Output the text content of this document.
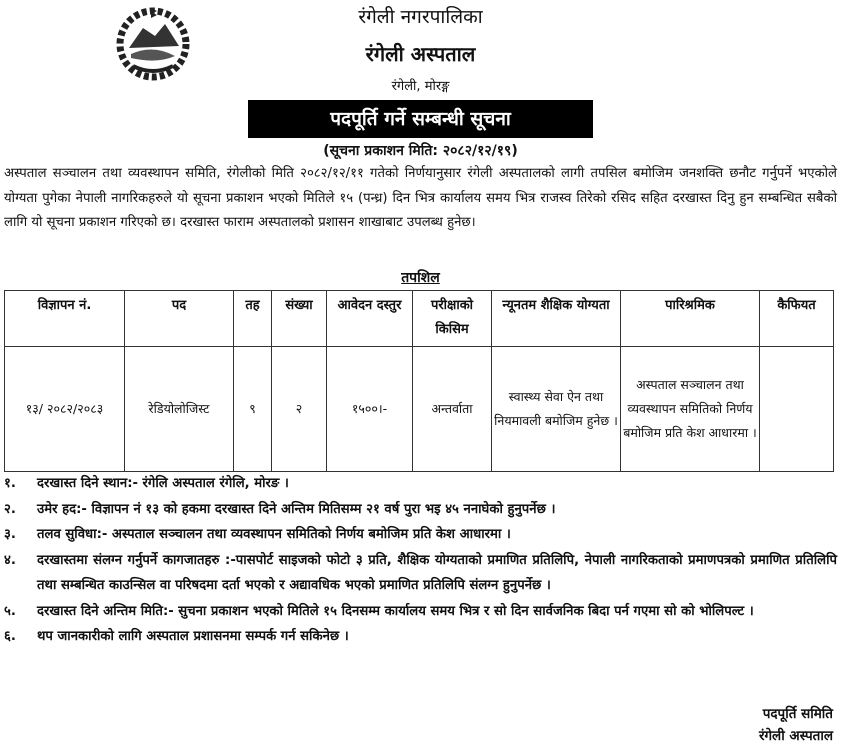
रंगेली नगरपालिका
रंगेली अस्पताल
रंगेली, मोरङ्ग
पदपूर्ति गर्ने सम्बन्धी सूचना
(सूचना प्रकाशन मिति: २०८२/१२/१९)
अस्पताल सञ्चालन तथा व्यवस्थापन समिति, रंगेलीको मिति २०८२/१२/११ गतेको निर्णयानुसार रंगेली अस्पतालको लागी तपसिल बमोजिम जनशक्ति छनौट गर्नुपर्ने भएकोले योग्यता पुगेका नेपाली नागरिकहरुले यो सूचना प्रकाशन भएको मितिले १५ (पन्ध्र) दिन भित्र कार्यालय समय भित्र राजस्व तिरेको रसिद सहित दरखास्त दिनु हुन सम्बन्धित सबैको लागि यो सूचना प्रकाशन गरिएको छ। दरखास्त फाराम अस्पतालको प्रशासन शाखाबाट उपलब्ध हुनेछ।
तपशिल
विज्ञापन नं.	पद	तह	संख्या	आवेदन दस्तुर	परीक्षाको किसिम	न्यूनतम शैक्षिक योग्यता	पारिश्रमिक	कैफियत
१३/ २०८२/२०८३	रेडियोलोजिस्ट	९	२	१५००।-	अन्तर्वाता	स्वास्थ्य सेवा ऐन तथा नियमावली बमोजिम हुनेछ ।	अस्पताल सञ्चालन तथा व्यवस्थापन समितिको निर्णय बमोजिम प्रति केश आधारमा ।	
१.	दरखास्त दिने स्थान:- रंगेलि अस्पताल रंगेलि, मोरङ ।
२.	उमेर हद:- विज्ञापन नं १३ को हकमा दरखास्त दिने अन्तिम मितिसम्म २१ वर्ष पुरा भइ ४५ ननाघेको हुनुपर्नेछ ।
३.	तलव सुविधा:- अस्पताल सञ्चालन तथा व्यवस्थापन समितिको निर्णय बमोजिम प्रति केश आधारमा ।
४.	दरखास्तमा संलग्न गर्नुपर्ने कागजातहरु :-पासपोर्ट साइजको फोटो ३ प्रति, शैक्षिक योग्यताको प्रमाणित प्रतिलिपि, नेपाली नागरिकताको प्रमाणपत्रको प्रमाणित प्रतिलिपि तथा सम्बन्धित काउन्सिल वा परिषदमा दर्ता भएको र अद्यावधिक भएको प्रमाणित प्रतिलिपि संलग्न हुनुपर्नेछ ।
५.	दरखास्त दिने अन्तिम मिति:- सुचना प्रकाशन भएको मितिले १५ दिनसम्म कार्यालय समय भित्र र सो दिन सार्वजनिक बिदा पर्न गएमा सो को भोलिपल्ट ।
६.	थप जानकारीको लागि अस्पताल प्रशासनमा सम्पर्क गर्न सकिनेछ ।
पदपूर्ति समिति
रंगेली अस्पताल
